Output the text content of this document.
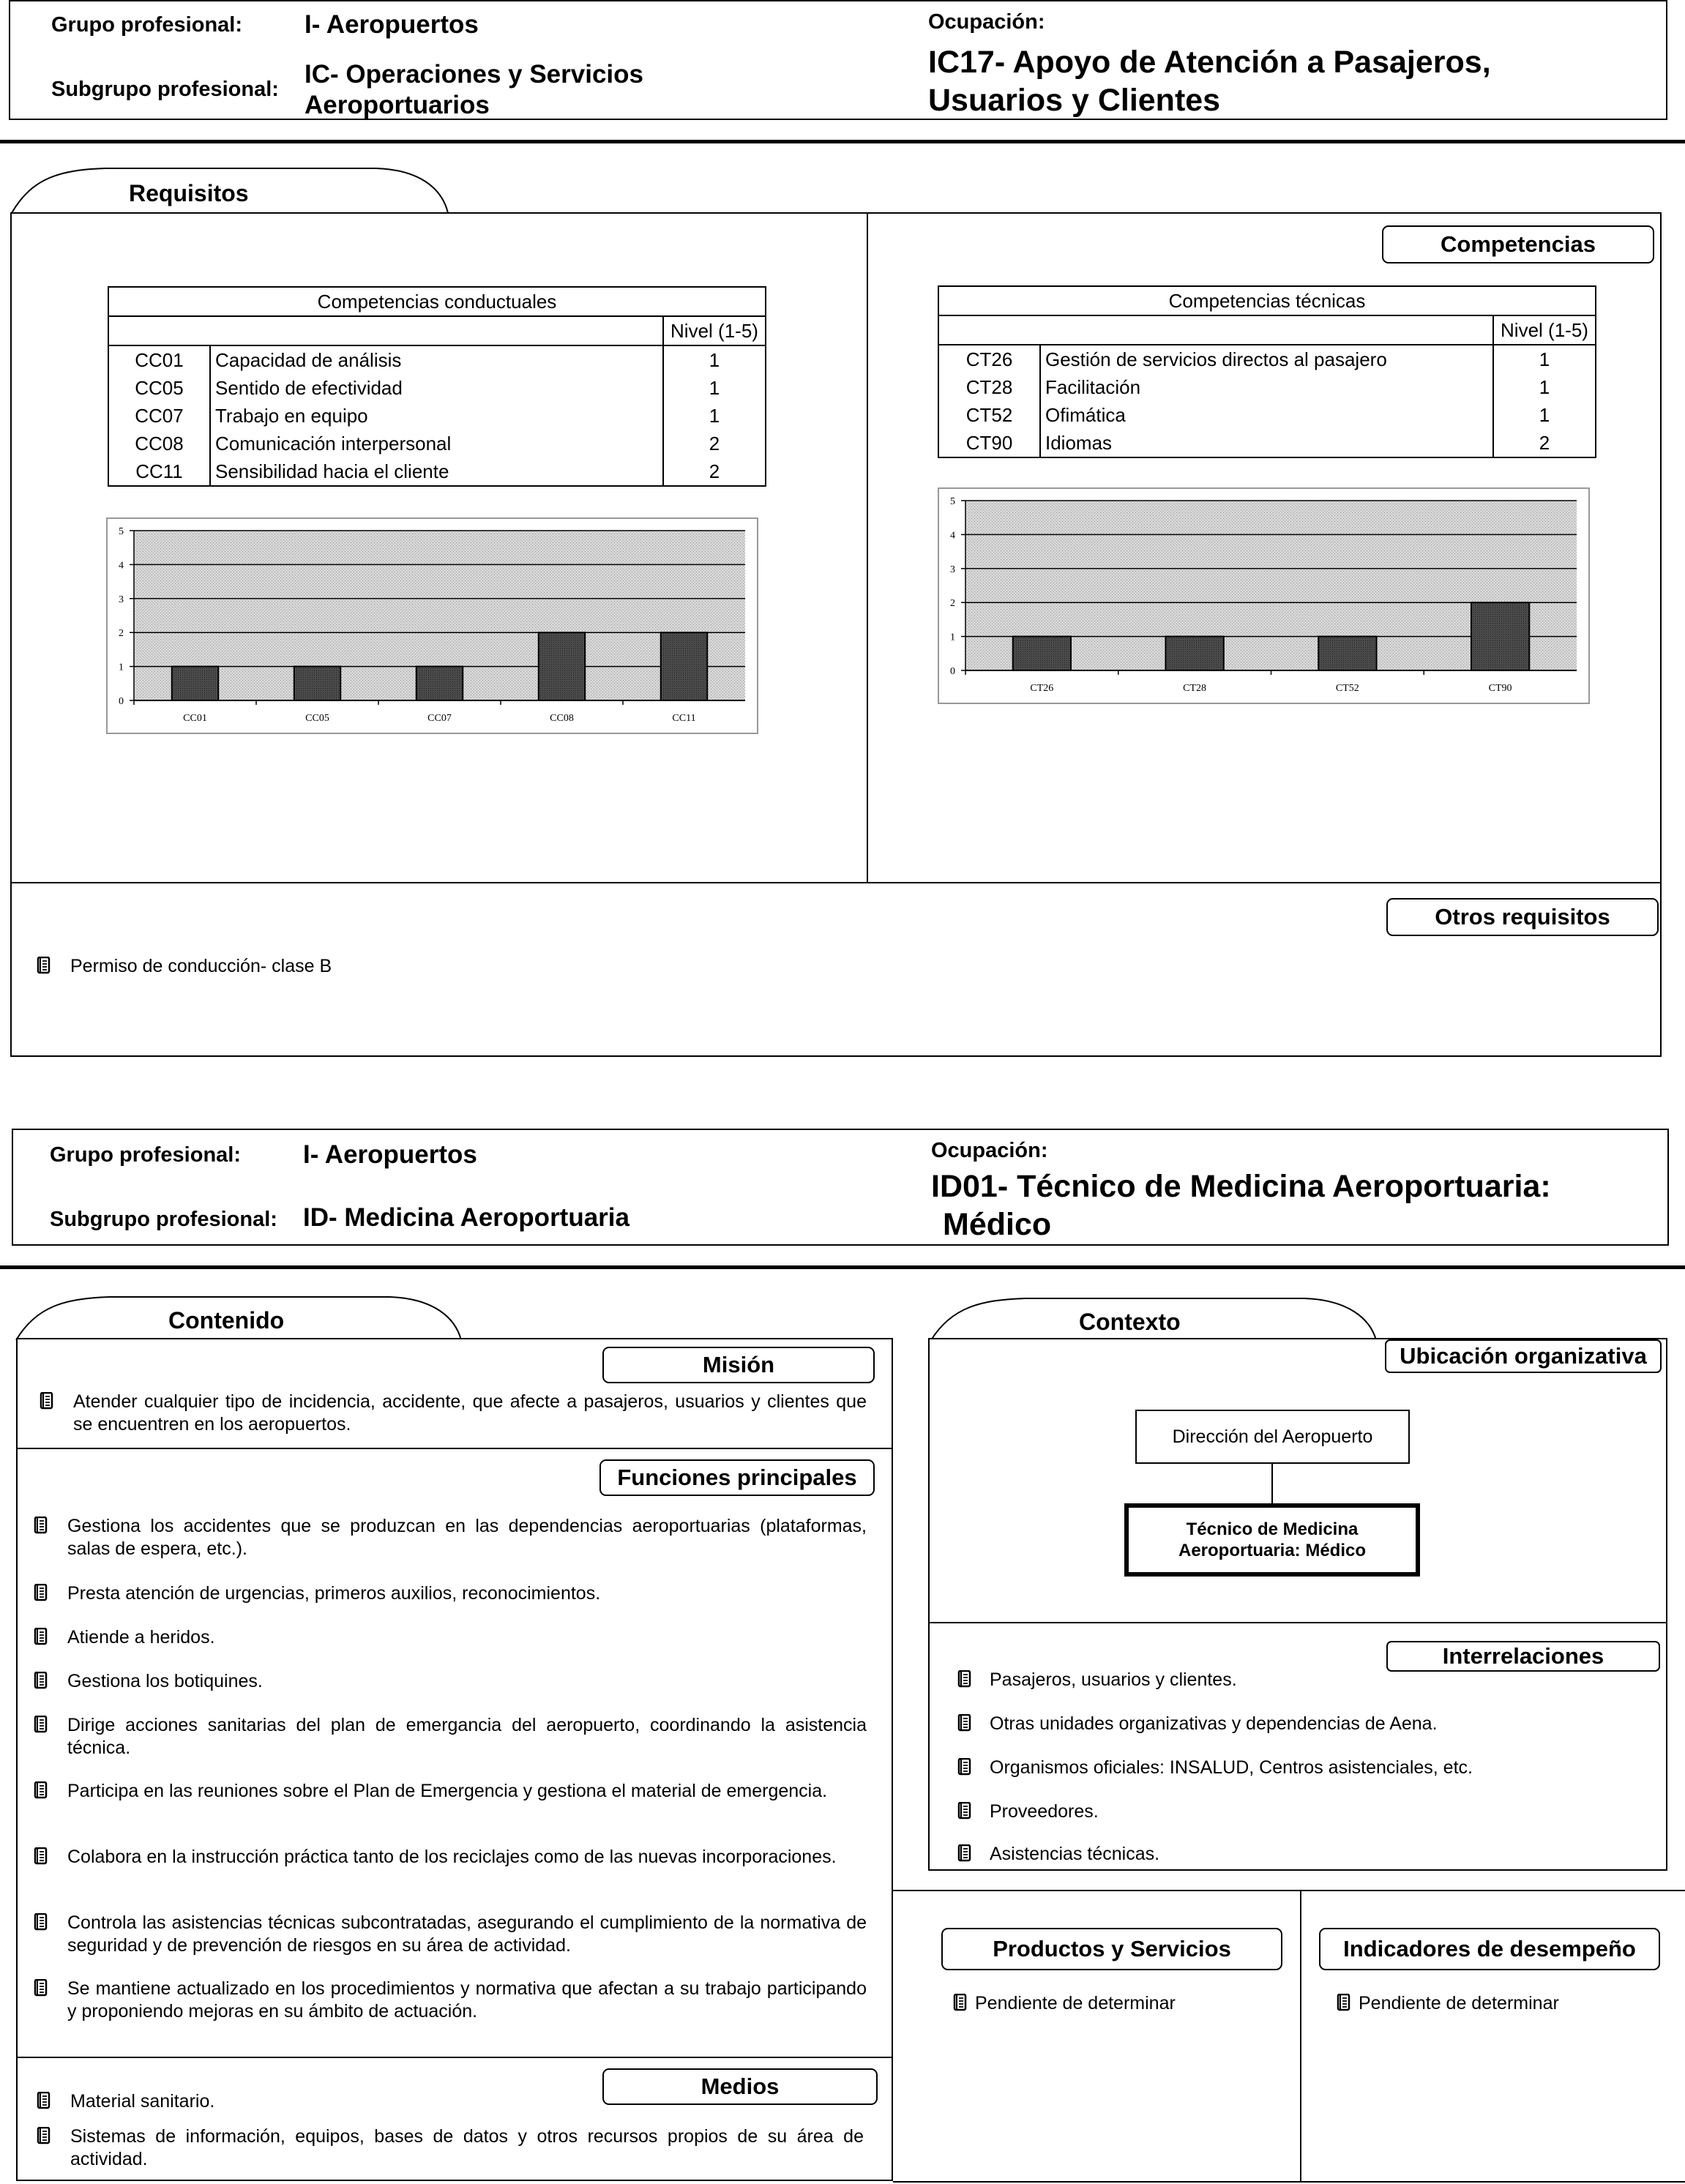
Grupo profesional: I- Aeropuertos
Subgrupo profesional:
IC- Operaciones y Servicios
Aeroportuarios
Ocupación:
IC17- Apoyo de Atención a Pasajeros,
Usuarios y Clientes
Requisitos
Competencias
Competencias conductuales		
		Nivel (1-5)
CC01	Capacidad de análisis	1
CC05	Sentido de efectividad	1
CC07	Trabajo en equipo	1
CC08	Comunicación interpersonal	2
CC11	Sensibilidad hacia el cliente	2
Competencias técnicas		
		Nivel (1-5)
CT26	Gestión de servicios directos al pasajero	1
CT28	Facilitación	1
CT52	Ofimática	1
CT90	Idiomas	2
0
1
2
3
4
5
CC01	CC05	CC07	CC08	CC11
0
1
2
3
4
5
CT26	CT28	CT52	CT90
Otros requisitos
Permiso de conducción- clase B
Grupo profesional: I- Aeropuertos
Subgrupo profesional: ID- Medicina Aeroportuaria
Ocupación:
ID01- Técnico de Medicina Aeroportuaria:
Médico
Contenido	Contexto
Misión
Atender cualquier tipo de incidencia, accidente, que afecte a pasajeros, usuarios y clientes que se encuentren en los aeropuertos.
Funciones principales
Gestiona los accidentes que se produzcan en las dependencias aeroportuarias (plataformas, salas de espera, etc.).
Presta atención de urgencias, primeros auxilios, reconocimientos.
Atiende a heridos.
Gestiona los botiquines.
Dirige acciones sanitarias del plan de emergancia del aeropuerto, coordinando la asistencia técnica.
Participa en las reuniones sobre el Plan de Emergencia y gestiona el material de emergencia.
Colabora en la instrucción práctica tanto de los reciclajes como de las nuevas incorporaciones.
Controla las asistencias técnicas subcontratadas, asegurando el cumplimiento de la normativa de seguridad y de prevención de riesgos en su área de actividad.
Se mantiene actualizado en los procedimientos y normativa que afectan a su trabajo participando y proponiendo mejoras en su ámbito de actuación.
Medios
Material sanitario.
Sistemas de información, equipos, bases de datos y otros recursos propios de su área de actividad.
Ubicación organizativa
Dirección del Aeropuerto
Técnico de Medicina
Aeroportuaria: Médico
Interrelaciones
Pasajeros, usuarios y clientes.
Otras unidades organizativas y dependencias de Aena.
Organismos oficiales: INSALUD, Centros asistenciales, etc.
Proveedores.
Asistencias técnicas.
Productos y Servicios
Pendiente de determinar
Indicadores de desempeño
Pendiente de determinar
